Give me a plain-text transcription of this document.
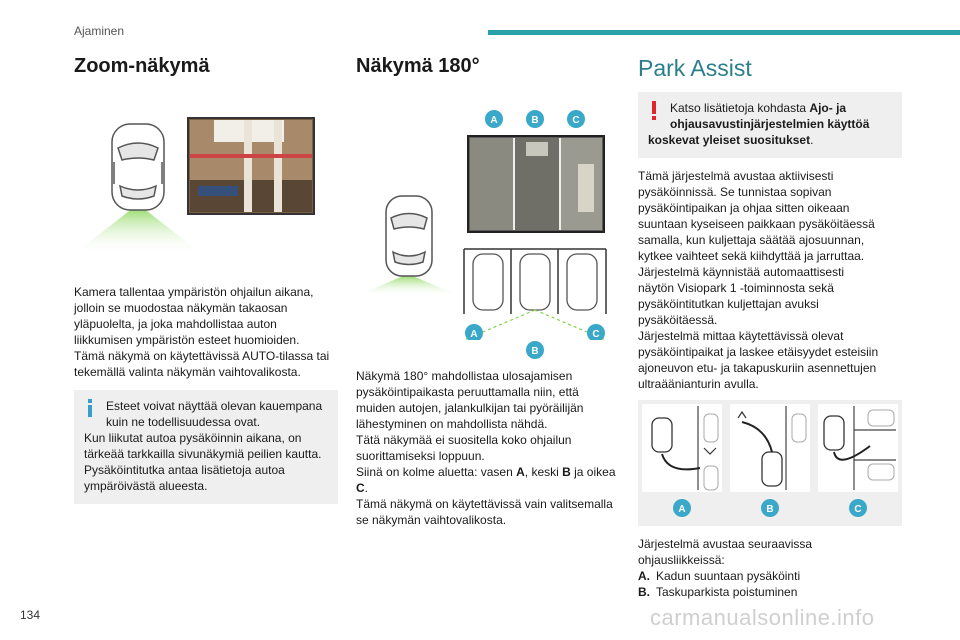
Ajaminen
Zoom-näkymä

Kamera tallentaa ympäristön ohjailun aikana,

jolloin se muodostaa näkymän takaosan

yläpuolelta, ja joka mahdollistaa auton

liikkumisen ympäristön esteet huomioiden.

Tämä näkymä on käytettävissä AUTO-tilassa tai

tekemällä valinta näkymän vaihtovalikosta.

Esteet voivat näyttää olevan kauempana

kuin ne todellisuudessa ovat.

Kun liikutat autoa pysäköinnin aikana, on

tärkeää tarkkailla sivunäkymiä peilien kautta.

Pysäköintitutka antaa lisätietoja autoa

ympäröivästä alueesta.

Näkymä 180°
A	B	C
A	C
B

Näkymä 180° mahdollistaa ulosajamisen

pysäköintipaikasta peruuttamalla niin, että

muiden autojen, jalankulkijan tai pyöräilijän

lähestyminen on mahdollista nähdä.

Tätä näkymää ei suositella koko ohjailun

suorittamiseksi loppuun.

Siinä on kolme aluetta: vasen A, keski B ja oikea

C.

Tämä näkymä on käytettävissä vain valitsemalla

se näkymän vaihtovalikosta.

Park Assist

Katso lisätietoja kohdasta Ajo- ja

ohjausavustinjärjestelmien käyttöä

koskevat yleiset suositukset.

Tämä järjestelmä avustaa aktiivisesti

pysäköinnissä. Se tunnistaa sopivan

pysäköintipaikan ja ohjaa sitten oikeaan

suuntaan kyseiseen paikkaan pysäköitäessä

samalla, kun kuljettaja säätää ajosuunnan,

kytkee vaihteet sekä kiihdyttää ja jarruttaa.

Järjestelmä käynnistää automaattisesti

näytön Visiopark 1 -toiminnosta sekä

pysäköintitutkan kuljettajan avuksi

pysäköitäessä.

Järjestelmä mittaa käytettävissä olevat

pysäköintipaikat ja laskee etäisyydet esteisiin

ajoneuvon etu- ja takapuskuriin asennettujen

ultraäänianturin avulla.

A	B	C

Järjestelmä avustaa seuraavissa

ohjausliikkeissä:

A. Kadun suuntaan pysäköinti

B. Taskuparkista poistuminen

134	carmanualsonline.info
